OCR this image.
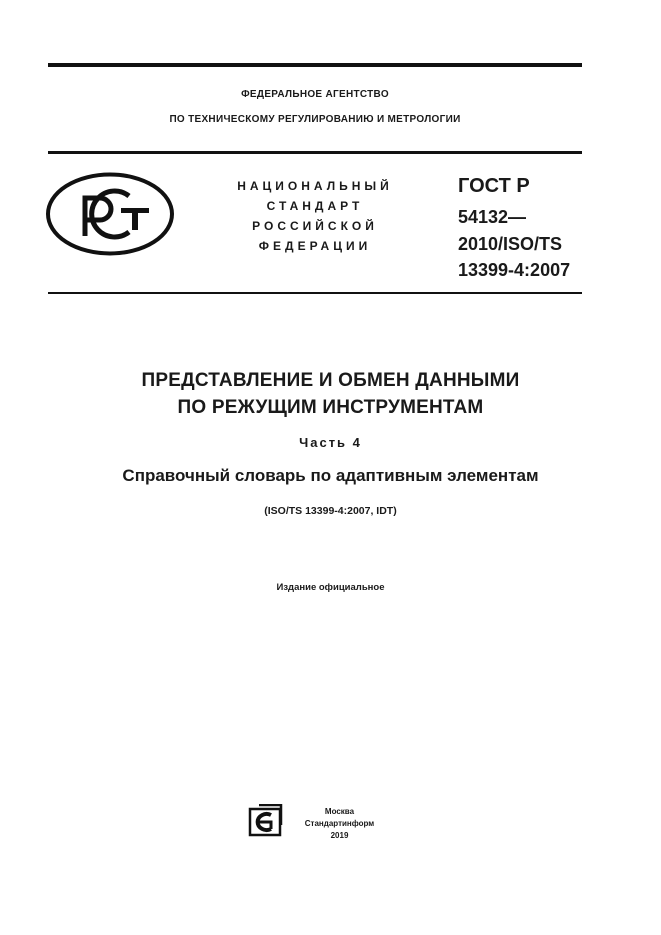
ФЕДЕРАЛЬНОЕ АГЕНТСТВО
ПО ТЕХНИЧЕСКОМУ РЕГУЛИРОВАНИЮ И МЕТРОЛОГИИ
НАЦИОНАЛЬНЫЙ
СТАНДАРТ
РОССИЙСКОЙ
ФЕДЕРАЦИИ
ГОСТ Р
54132—
2010/ISO/TS
13399-4:2007
ПРЕДСТАВЛЕНИЕ И ОБМЕН ДАННЫМИ
ПО РЕЖУЩИМ ИНСТРУМЕНТАМ
Часть 4
Справочный словарь по адаптивным элементам
(ISO/TS 13399-4:2007, IDT)
Издание официальное
Москва
Стандартинформ
2019
